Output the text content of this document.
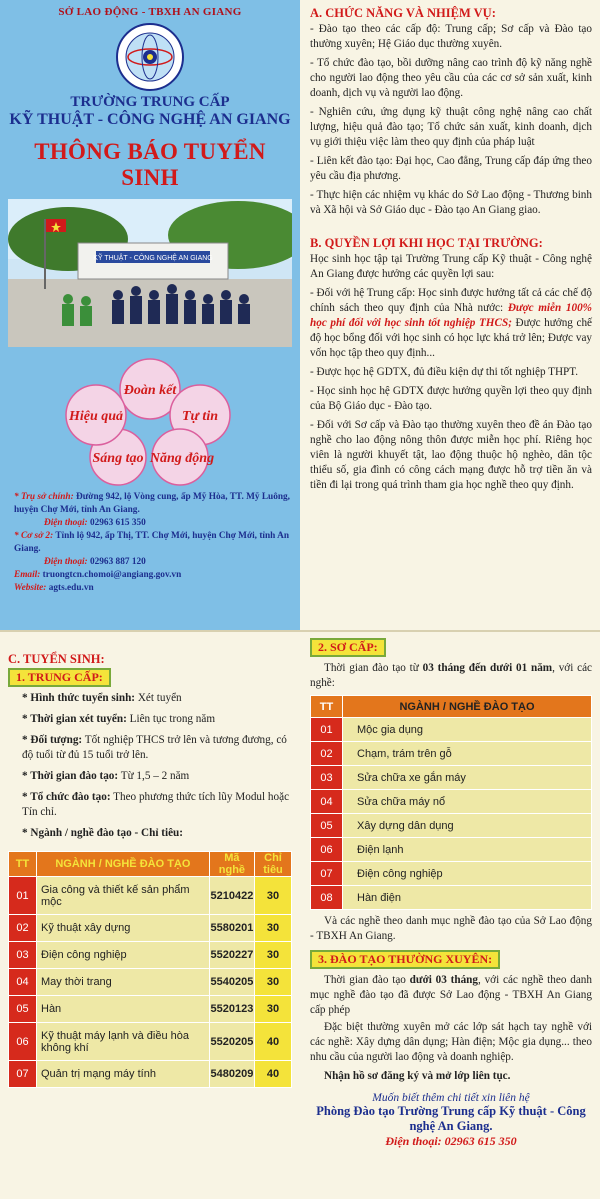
SỞ LAO ĐỘNG - TBXH AN GIANG
TRƯỜNG TRUNG CẤP
KỸ THUẬT - CÔNG NGHỆ AN GIANG
THÔNG BÁO TUYỂN SINH
KỸ THUẬT - CÔNG NGHỆ AN GIANG
Đoàn kết
Tự tin
Năng động
Sáng tạo
Hiệu quả
* Trụ sở chính: Đường 942, lộ Vòng cung, ấp Mỹ Hòa, TT. Mỹ Luông, huyện Chợ Mới, tỉnh An Giang.
Điện thoại: 02963 615 350
* Cơ sở 2: Tỉnh lộ 942, ấp Thị, TT. Chợ Mới, huyện Chợ Mới, tỉnh An Giang.
Điện thoại: 02963 887 120
Email: truongtcn.chomoi@angiang.gov.vn
Website: agts.edu.vn
A. CHỨC NĂNG VÀ NHIỆM VỤ:
- Đào tạo theo các cấp độ: Trung cấp; Sơ cấp và Đào tạo thường xuyên; Hệ Giáo dục thường xuyên.
- Tổ chức đào tạo, bồi dưỡng nâng cao trình độ kỹ năng nghề cho người lao động theo yêu cầu của các cơ sở sản xuất, kinh doanh, dịch vụ và người lao động.
- Nghiên cứu, ứng dụng kỹ thuật công nghệ nâng cao chất lượng, hiệu quả đào tạo; Tổ chức sản xuất, kinh doanh, dịch vụ giới thiệu việc làm theo quy định của pháp luật
- Liên kết đào tạo: Đại học, Cao đẳng, Trung cấp đáp ứng theo yêu cầu địa phương.
- Thực hiện các nhiệm vụ khác do Sở Lao động - Thương binh và Xã hội và Sở Giáo dục - Đào tạo An Giang giao.
B. QUYỀN LỢI KHI HỌC TẠI TRƯỜNG:
Học sinh học tập tại Trường Trung cấp Kỹ thuật - Công nghệ An Giang được hưởng các quyền lợi sau:
- Đối với hệ Trung cấp: Học sinh được hưởng tất cả các chế độ chính sách theo quy định của Nhà nước: Được miễn 100% học phí đối với học sinh tốt nghiệp THCS; Được hưởng chế độ học bổng đối với học sinh có học lực khá trở lên; Được vay vốn học tập theo quy định...
- Được học hệ GDTX, đủ điều kiện dự thi tốt nghiệp THPT.
- Học sinh học hệ GDTX được hưởng quyền lợi theo quy định của Bộ Giáo dục - Đào tạo.
- Đối với Sơ cấp và Đào tạo thường xuyên theo đề án Đào tạo nghề cho lao động nông thôn được miễn học phí. Riêng học viên là người khuyết tật, lao động thuộc hộ nghèo, dân tộc thiểu số, gia đình có công cách mạng được hỗ trợ tiền ăn và tiền đi lại trong quá trình tham gia học nghề theo quy định.
C. TUYỂN SINH:
1. TRUNG CẤP:
* Hình thức tuyển sinh: Xét tuyển
* Thời gian xét tuyển: Liên tục trong năm
* Đối tượng: Tốt nghiệp THCS trở lên và tương đương, có độ tuổi từ đủ 15 tuổi trở lên.
* Thời gian đào tạo: Từ 1,5 – 2 năm
* Tổ chức đào tạo: Theo phương thức tích lũy Modul hoặc Tín chỉ.
* Ngành / nghề đào tạo - Chỉ tiêu:
TT	NGÀNH / NGHỀ ĐÀO TẠO	Mã nghề	Chỉ tiêu
01	Gia công và thiết kế sản phẩm mộc	5210422	30
02	Kỹ thuật xây dựng	5580201	30
03	Điện công nghiệp	5520227	30
04	May thời trang	5540205	30
05	Hàn	5520123	30
06	Kỹ thuật máy lạnh và điều hòa không khí	5520205	40
07	Quản trị mạng máy tính	5480209	40
2. SƠ CẤP:
Thời gian đào tạo từ 03 tháng đến dưới 01 năm, với các nghề:
TT	NGÀNH / NGHỀ ĐÀO TẠO
01	Mộc gia dụng
02	Chạm, trám trên gỗ
03	Sửa chữa xe gắn máy
04	Sửa chữa máy nổ
05	Xây dựng dân dụng
06	Điện lạnh
07	Điện công nghiệp
08	Hàn điện
Và các nghề theo danh mục nghề đào tạo của Sở Lao động - TBXH An Giang.
3. ĐÀO TẠO THƯỜNG XUYÊN:
Thời gian đào tạo dưới 03 tháng, với các nghề theo danh mục nghề đào tạo đã được Sở Lao động - TBXH An Giang cấp phép
Đặc biệt thường xuyên mở các lớp sát hạch tay nghề với các nghề: Xây dựng dân dụng; Hàn điện; Mộc gia dụng... theo nhu cầu của người lao động và doanh nghiệp.
Nhận hồ sơ đăng ký và mở lớp liên tục.
Muốn biết thêm chi tiết xin liên hệ
Phòng Đào tạo Trường Trung cấp Kỹ thuật - Công nghệ An Giang.
Điện thoại: 02963 615 350
